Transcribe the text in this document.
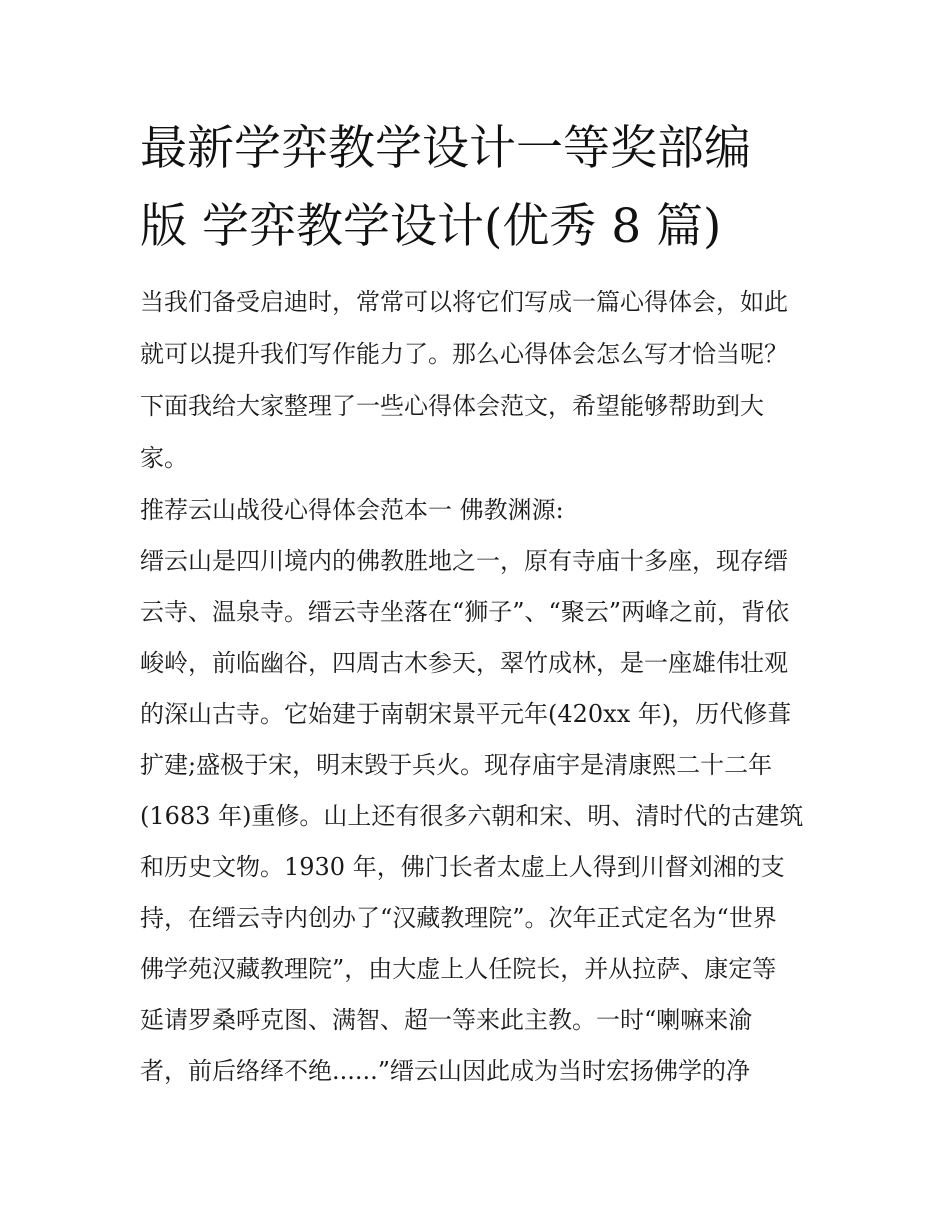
最新学弈教学设计一等奖部编
版 学弈教学设计(优秀 8 篇)
当我们备受启迪时，常常可以将它们写成一篇心得体会，如此
就可以提升我们写作能力了。那么心得体会怎么写才恰当呢？
下面我给大家整理了一些心得体会范文，希望能够帮助到大
家。
推荐云山战役心得体会范本一 佛教渊源:
缙云山是四川境内的佛教胜地之一，原有寺庙十多座，现存缙
云寺、温泉寺。缙云寺坐落在“狮子”、“聚云”两峰之前，背依
峻岭，前临幽谷，四周古木参天，翠竹成林，是一座雄伟壮观
的深山古寺。它始建于南朝宋景平元年(420xx 年)，历代修葺
扩建;盛极于宋，明末毁于兵火。现存庙宇是清康熙二十二年
(1683 年)重修。山上还有很多六朝和宋、明、清时代的古建筑
和历史文物。1930 年，佛门长者太虚上人得到川督刘湘的支
持，在缙云寺内创办了“汉藏教理院”。次年正式定名为“世界
佛学苑汉藏教理院”，由大虚上人任院长，并从拉萨、康定等
延请罗桑呼克图、满智、超一等来此主教。一时“喇嘛来渝
者，前后络绎不绝......”缙云山因此成为当时宏扬佛学的净
